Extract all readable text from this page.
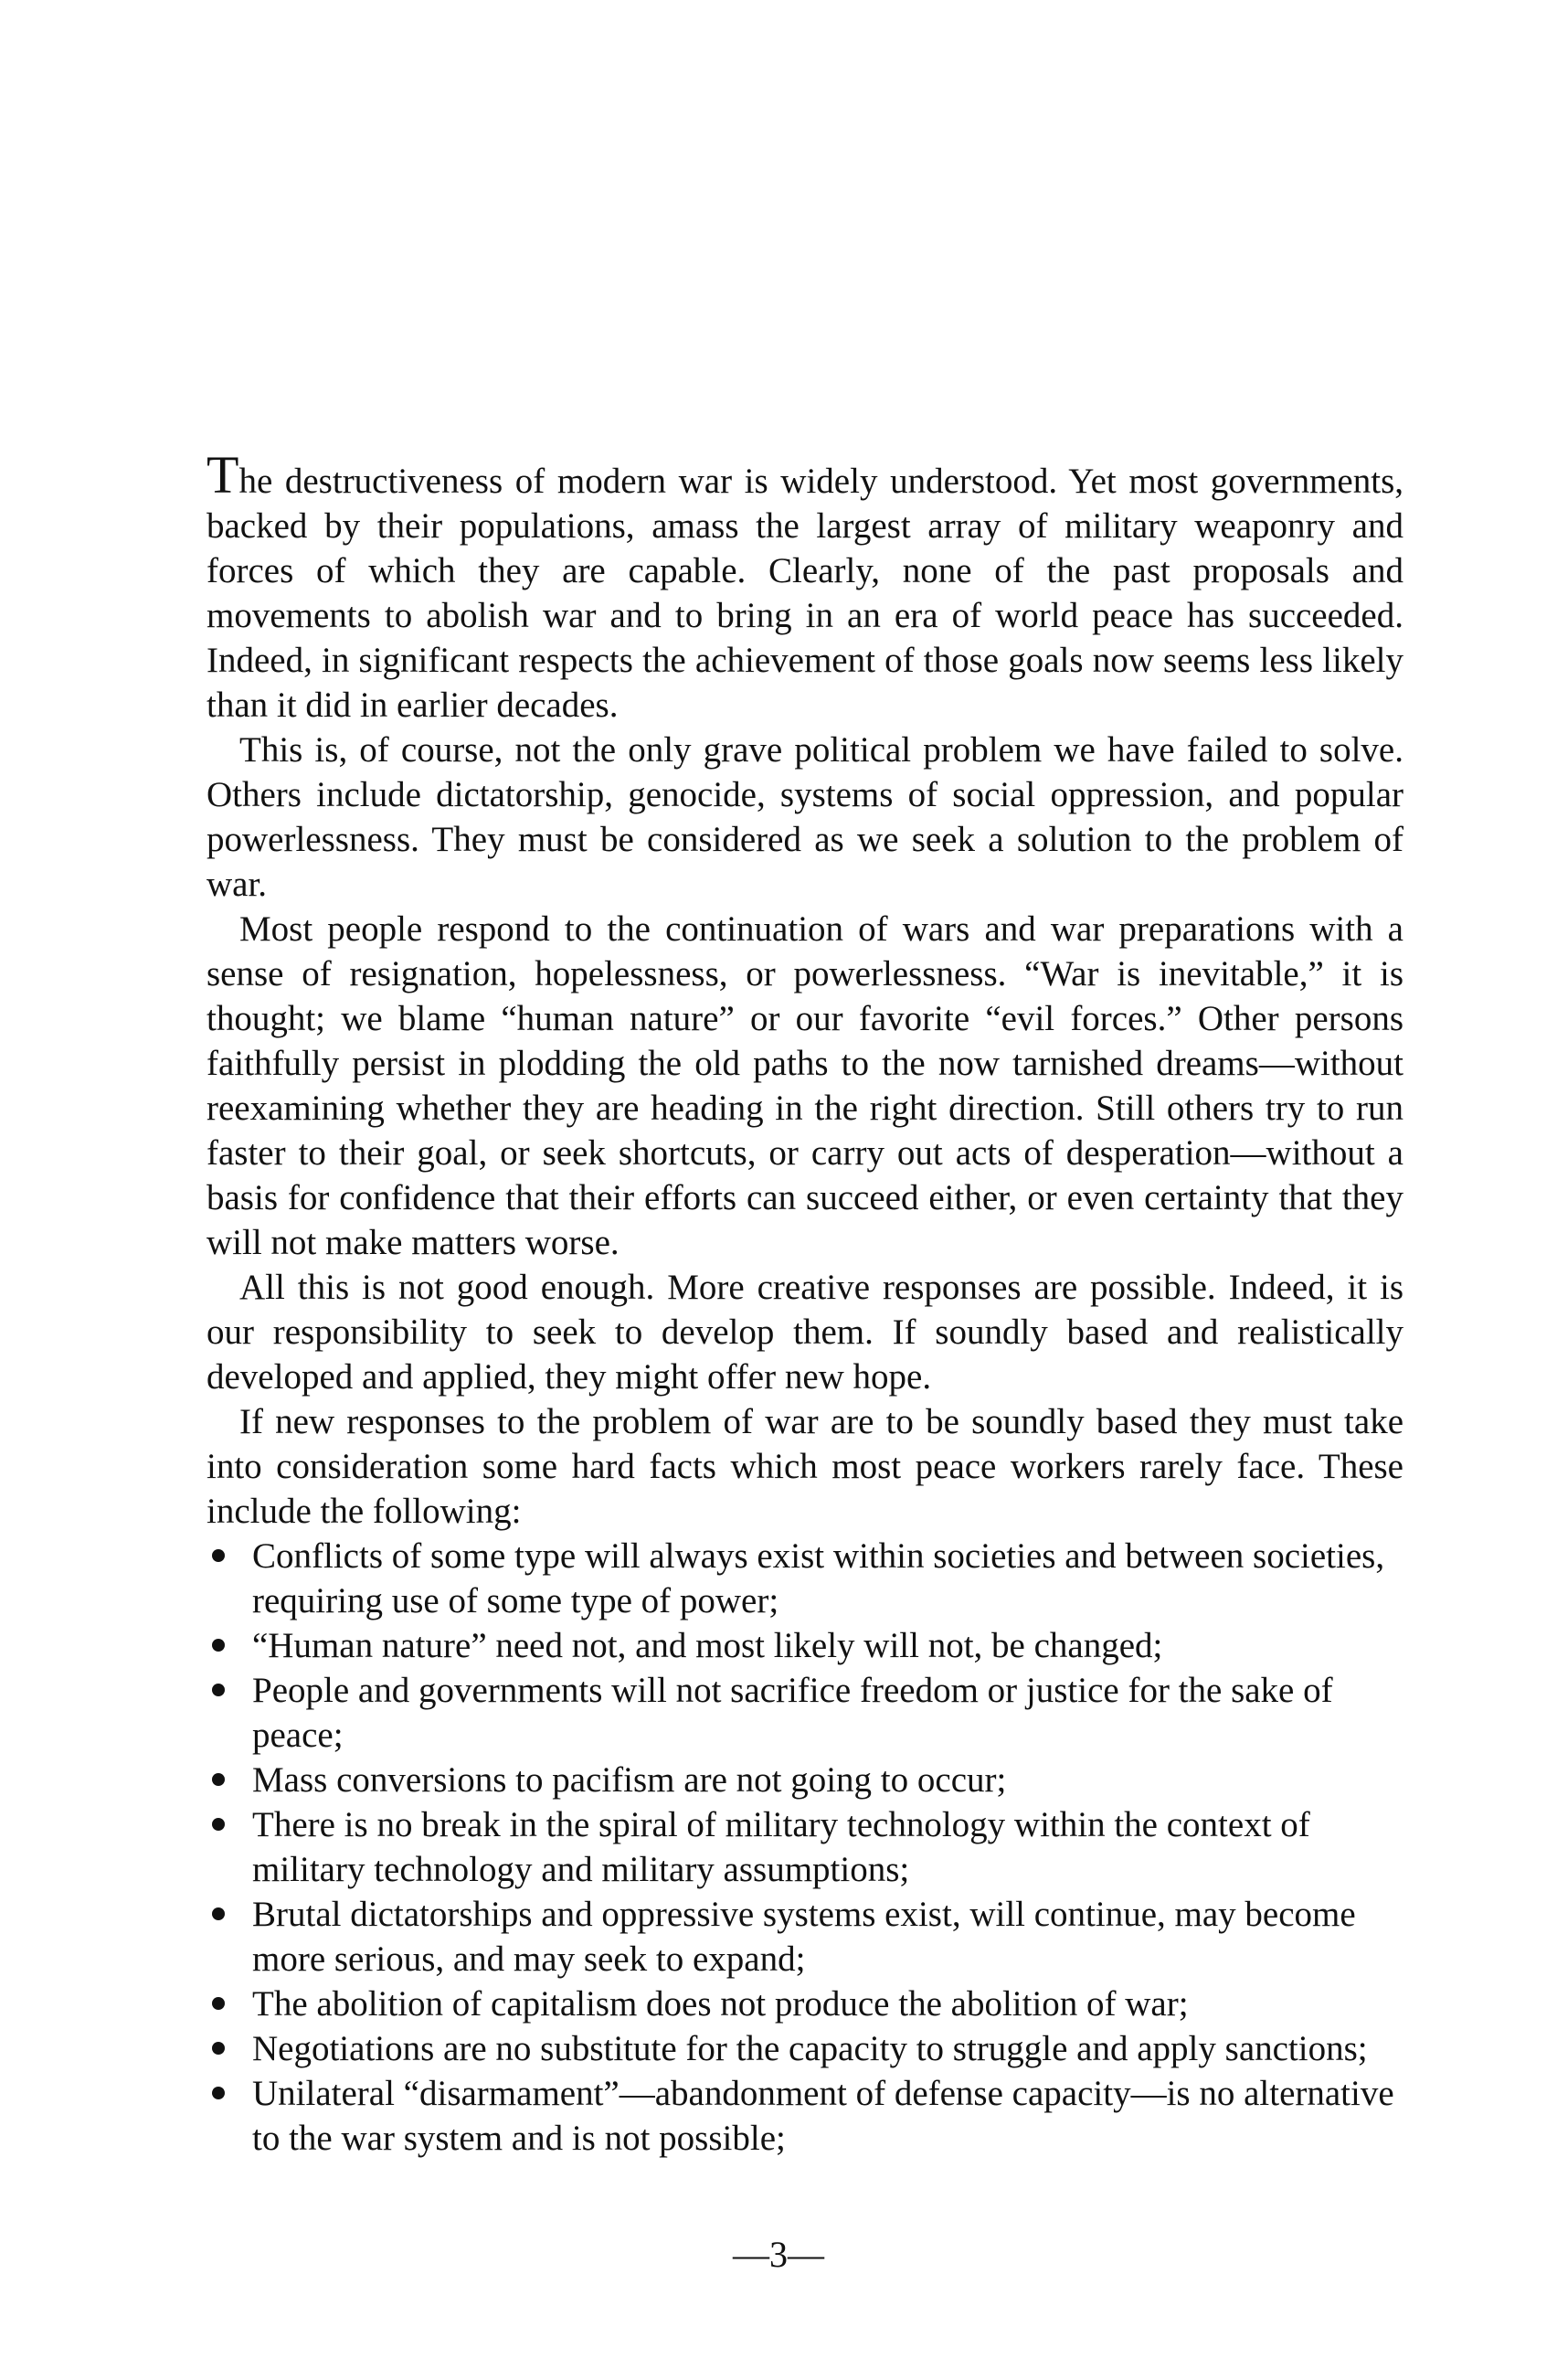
The destructiveness of modern war is widely understood. Yet most governments, backed by their populations, amass the largest array of military weaponry and forces of which they are capable. Clearly, none of the past proposals and movements to abolish war and to bring in an era of world peace has succeeded. Indeed, in significant respects the achievement of those goals now seems less likely than it did in earlier decades.

This is, of course, not the only grave political problem we have failed to solve. Others include dictatorship, genocide, systems of social oppression, and popular powerlessness. They must be considered as we seek a solution to the problem of war.

Most people respond to the continuation of wars and war preparations with a sense of resignation, hopelessness, or powerlessness. “War is inevitable,” it is thought; we blame “human nature” or our favorite “evil forces.” Other persons faithfully persist in plodding the old paths to the now tarnished dreams—without reexamining whether they are heading in the right direction. Still others try to run faster to their goal, or seek shortcuts, or carry out acts of desperation—without a basis for confidence that their efforts can succeed either, or even certainty that they will not make matters worse.

All this is not good enough. More creative responses are possible. Indeed, it is our responsibility to seek to develop them. If soundly based and realistically developed and applied, they might offer new hope.

If new responses to the problem of war are to be soundly based they must take into consideration some hard facts which most peace workers rarely face. These include the following:

Conflicts of some type will always exist within societies and between societies, requiring use of some type of power;
“Human nature” need not, and most likely will not, be changed;
People and governments will not sacrifice freedom or justice for the sake of peace;
Mass conversions to pacifism are not going to occur;
There is no break in the spiral of military technology within the context of military technology and military assumptions;
Brutal dictatorships and oppressive systems exist, will continue, may become more serious, and may seek to expand;
The abolition of capitalism does not produce the abolition of war;
Negotiations are no substitute for the capacity to struggle and apply sanctions;
Unilateral “disarmament”—abandonment of defense capacity—is no alternative to the war system and is not possible;
—3—
